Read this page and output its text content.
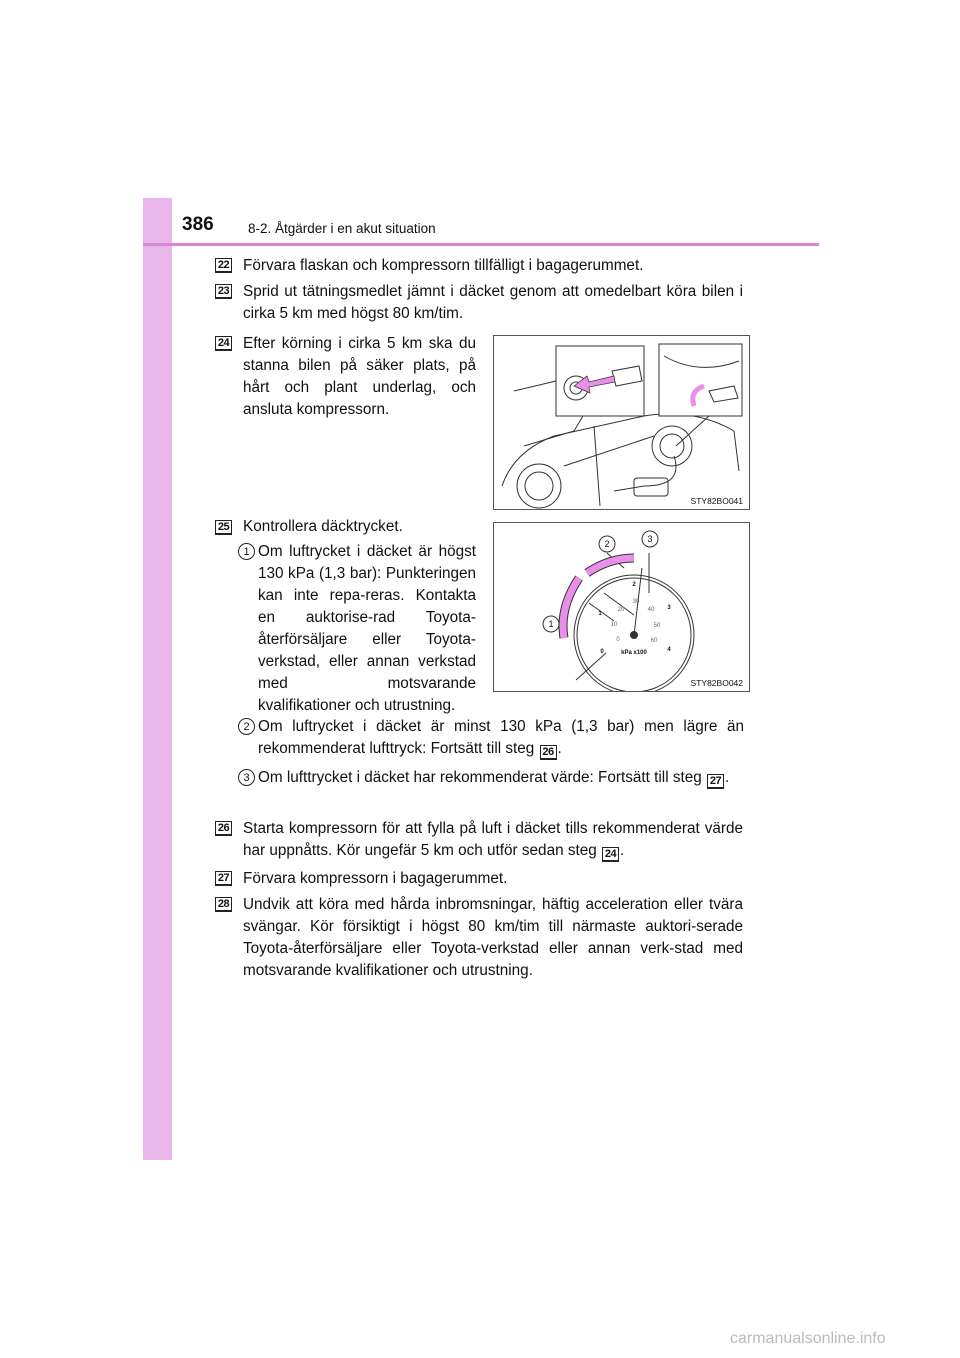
386	8-2. Åtgärder i en akut situation
22 Förvara flaskan och kompressorn tillfälligt i bagagerummet.
23 Sprid ut tätningsmedlet jämnt i däcket genom att omedelbart köra bilen i cirka 5 km med högst 80 km/tim.
24 Efter körning i cirka 5 km ska du stanna bilen på säker plats, på hårt och plant underlag, och ansluta kompressorn.
STY82BO041
25 Kontrollera däcktrycket.
1 Om luftrycket i däcket är högst 130 kPa (1,3 bar): Punkteringen kan inte repa-reras. Kontakta en auktorise-rad Toyota-återförsäljare eller Toyota-verkstad, eller annan verkstad med motsvarande kvalifikationer och utrustning.
1
2	3
0
1
2
3
4
0
10
20
30
40
50
60
kPa x100
STY82BO042
2 Om luftrycket i däcket är minst 130 kPa (1,3 bar) men lägre än rekommenderat lufttryck: Fortsätt till steg 26 .
3 Om lufttrycket i däcket har rekommenderat värde: Fortsätt till steg 27 .
26 Starta kompressorn för att fylla på luft i däcket tills rekommenderat värde har uppnåtts. Kör ungefär 5 km och utför sedan steg 24 .
27 Förvara kompressorn i bagagerummet.
28 Undvik att köra med hårda inbromsningar, häftig acceleration eller tvära svängar. Kör försiktigt i högst 80 km/tim till närmaste auktori-serade Toyota-återförsäljare eller Toyota-verkstad eller annan verk-stad med motsvarande kvalifikationer och utrustning.
carmanualsonline.info
